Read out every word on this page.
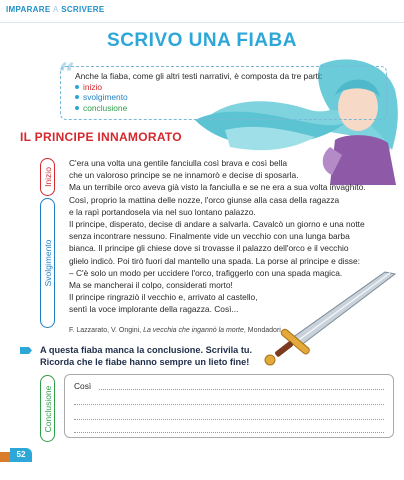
IMPARARE A SCRIVERE
SCRIVO UNA FIABA
“ Anche la fiaba, come gli altri testi narrativi, è composta da tre parti:
inizio
svolgimento
conclusione
IL PRINCIPE INNAMORATO
Inizio
Svolgimento
Conclusione

C'era una volta una gentile fanciulla così brava e così bella

che un valoroso principe se ne innamorò e decise di sposarla.

Ma un terribile orco aveva già visto la fanciulla e se ne era a sua volta invaghito.

Così, proprio la mattina delle nozze, l'orco giunse alla casa della ragazza

e la rapì portandosela via nel suo lontano palazzo.

Il principe, disperato, decise di andare a salvarla. Cavalcò un giorno e una notte

senza incontrare nessuno. Finalmente vide un vecchio con una lunga barba

bianca. Il principe gli chiese dove si trovasse il palazzo dell'orco e il vecchio

glielo indicò. Poi tirò fuori dal mantello una spada. La porse al principe e disse:

– C'è solo un modo per uccidere l'orco, trafiggerlo con una spada magica.

Ma se mancherai il colpo, considerati morto!

Il principe ringraziò il vecchio e, arrivato al castello,

sentì la voce implorante della ragazza. Così...

F. Lazzarato, V. Ongini, La vecchia che ingannò la morte, Mondadori
A questa fiaba manca la conclusione. Scrivila tu.
Ricorda che le fiabe hanno sempre un lieto fine!
Così
52
